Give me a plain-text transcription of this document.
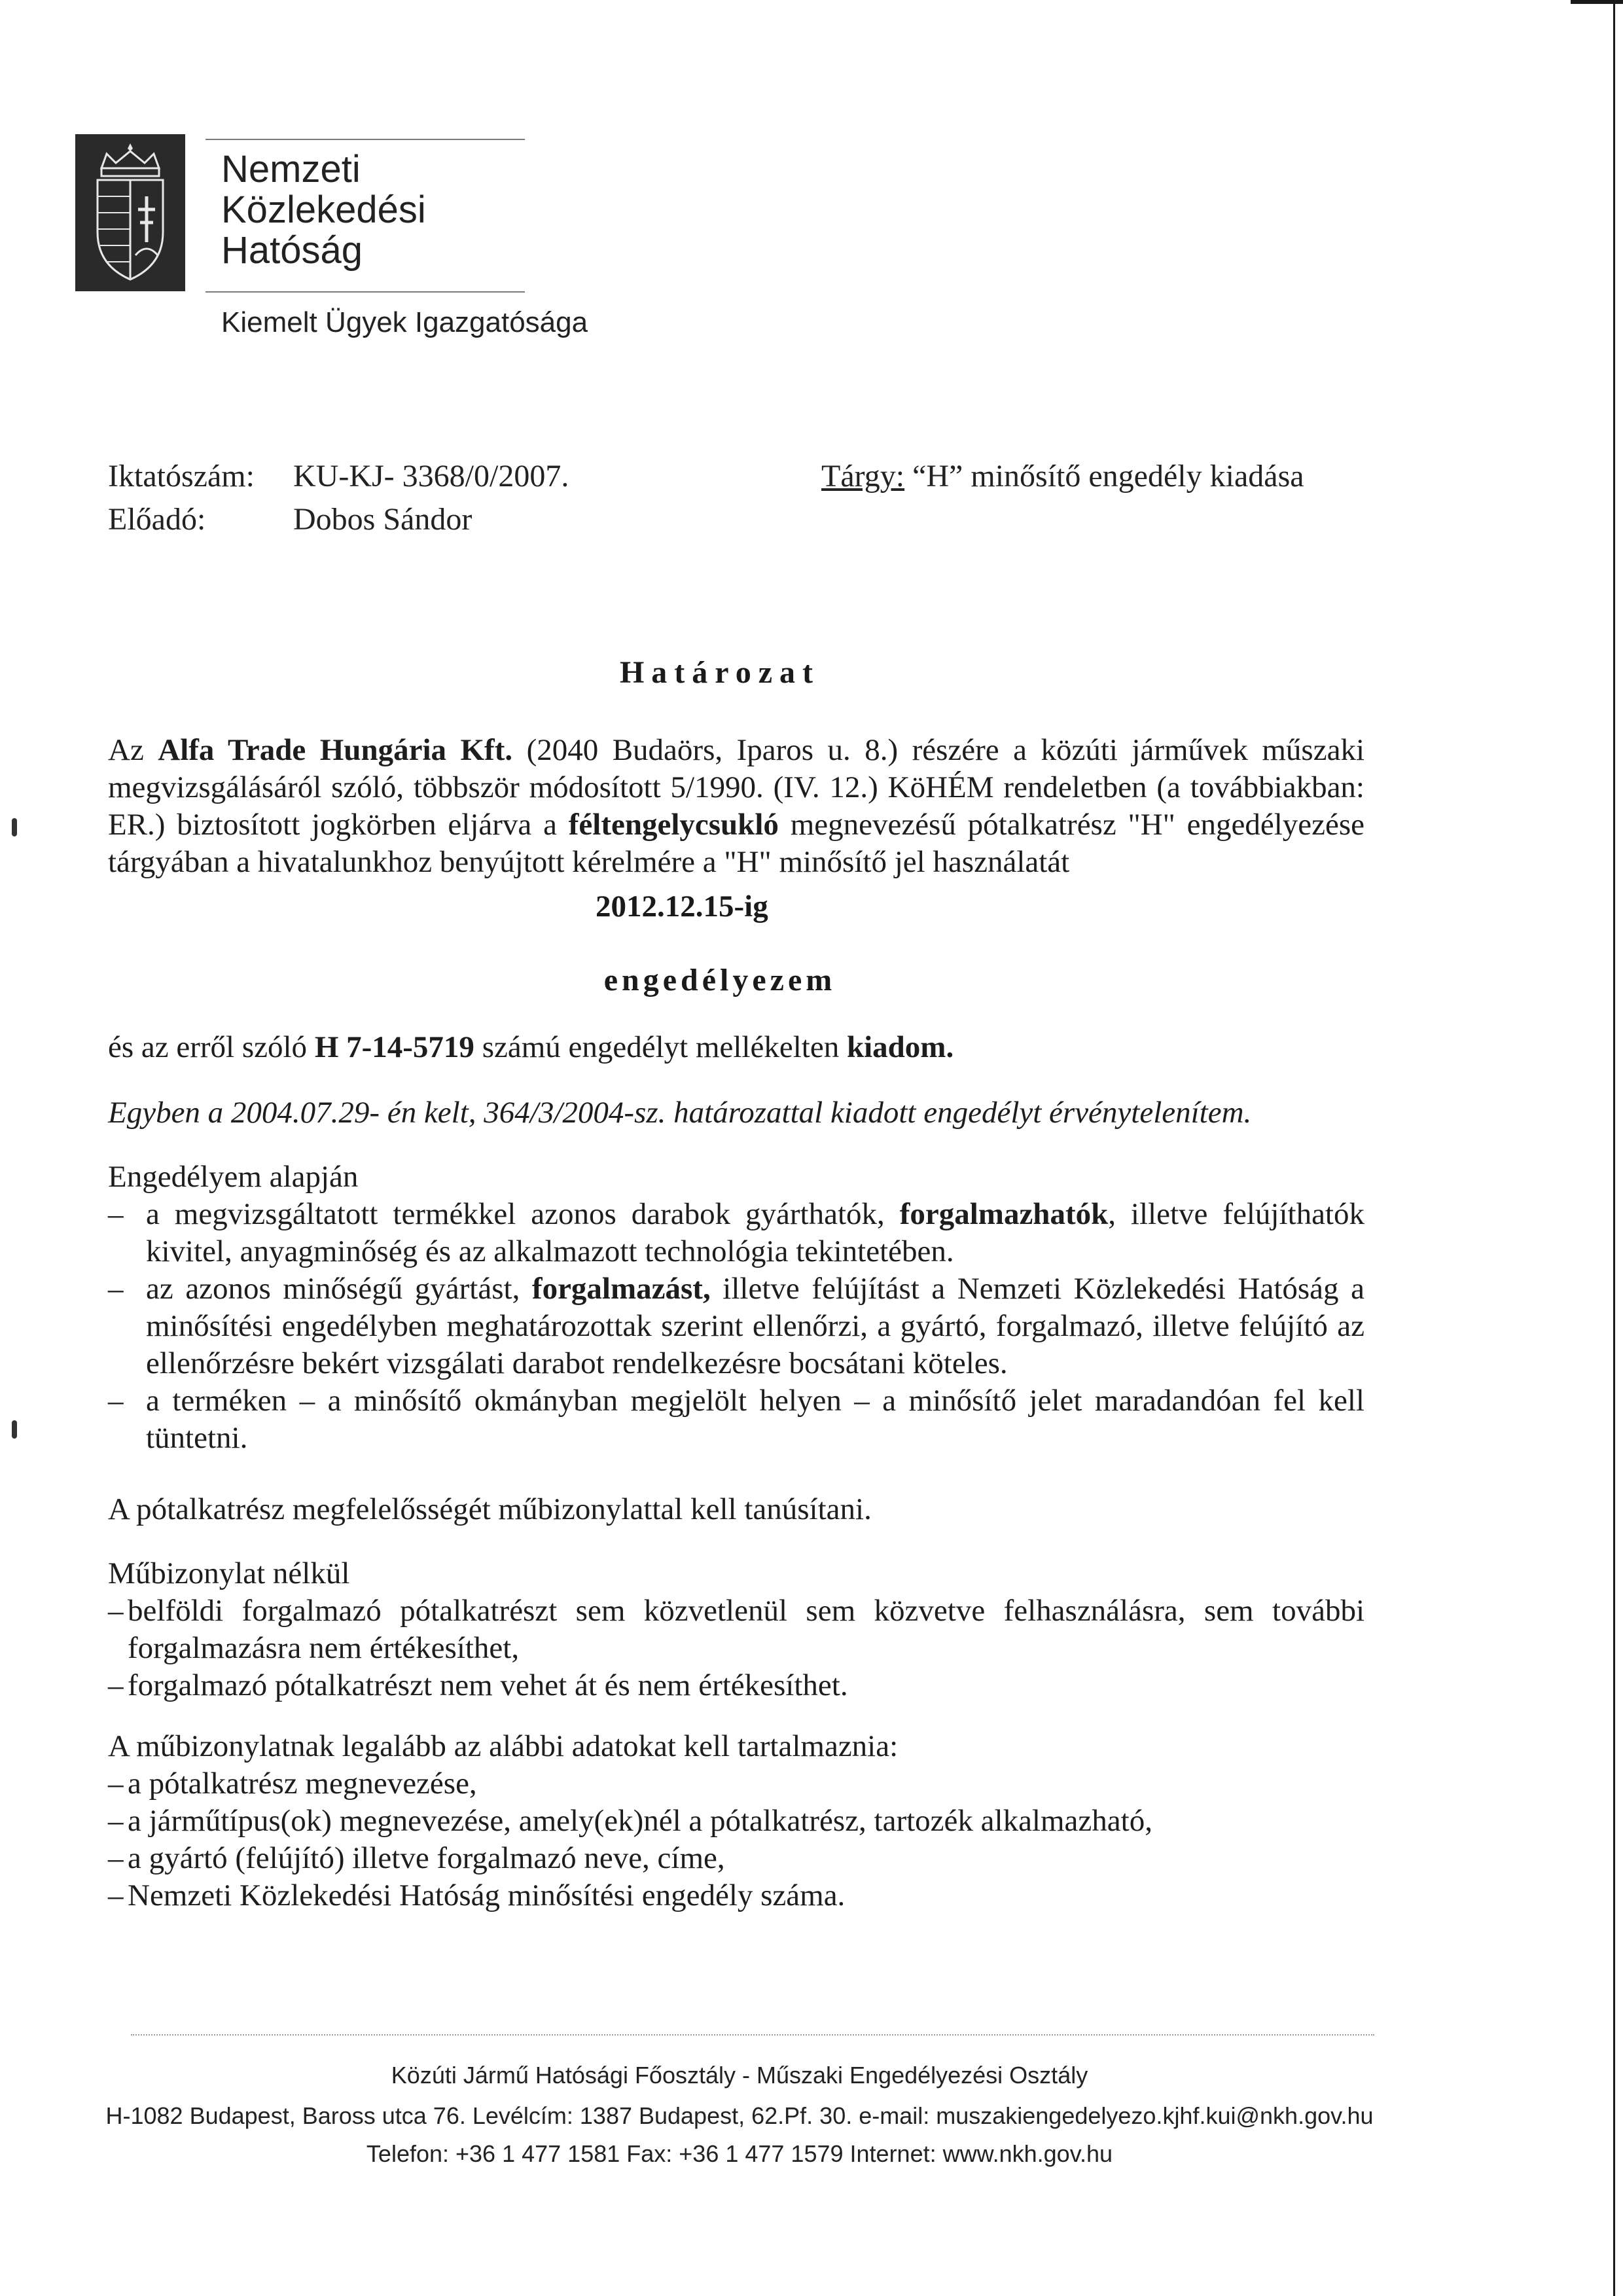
Nemzeti
Közlekedési
Hatóság
Kiemelt Ügyek Igazgatósága
Iktatószám: KU-KJ- 3368/0/2007.
Előadó:	Dobos Sándor
Tárgy: “H” minősítő engedély kiadása
Határozat
Az Alfa Trade Hungária Kft. (2040 Budaörs, Iparos u. 8.) részére a közúti járművek műszaki megvizsgálásáról szóló, többször módosított 5/1990. (IV. 12.) KöHÉM rendeletben (a továbbiakban: ER.) biztosított jogkörben eljárva a féltengelycsukló megnevezésű pótalkatrész "H" engedélyezése tárgyában a hivatalunkhoz benyújtott kérelmére a "H" minősítő jel használatát
2012.12.15-ig
engedélyezem
és az erről szóló H 7-14-5719 számú engedélyt mellékelten kiadom.
Egyben a 2004.07.29- én kelt, 364/3/2004-sz. határozattal kiadott engedélyt érvénytelenítem.
Engedélyem alapján
– a megvizsgáltatott termékkel azonos darabok gyárthatók, forgalmazhatók, illetve felújíthatók kivitel, anyagminőség és az alkalmazott technológia tekintetében.
– az azonos minőségű gyártást, forgalmazást, illetve felújítást a Nemzeti Közlekedési Hatóság a minősítési engedélyben meghatározottak szerint ellenőrzi, a gyártó, forgalmazó, illetve felújító az ellenőrzésre bekért vizsgálati darabot rendelkezésre bocsátani köteles.
– a terméken – a minősítő okmányban megjelölt helyen – a minősítő jelet maradandóan fel kell tüntetni.
A pótalkatrész megfelelősségét műbizonylattal kell tanúsítani.
Műbizonylat nélkül
– belföldi forgalmazó pótalkatrészt sem közvetlenül sem közvetve felhasználásra, sem további forgalmazásra nem értékesíthet,
– forgalmazó pótalkatrészt nem vehet át és nem értékesíthet.
A műbizonylatnak legalább az alábbi adatokat kell tartalmaznia:
– a pótalkatrész megnevezése,
– a járműtípus(ok) megnevezése, amely(ek)nél a pótalkatrész, tartozék alkalmazható,
– a gyártó (felújító) illetve forgalmazó neve, címe,
– Nemzeti Közlekedési Hatóság minősítési engedély száma.
Közúti Jármű Hatósági Főosztály - Műszaki Engedélyezési Osztály
H-1082 Budapest, Baross utca 76. Levélcím: 1387 Budapest, 62.Pf. 30. e-mail: muszakiengedelyezo.kjhf.kui@nkh.gov.hu
Telefon: +36 1 477 1581 Fax: +36 1 477 1579 Internet: www.nkh.gov.hu
